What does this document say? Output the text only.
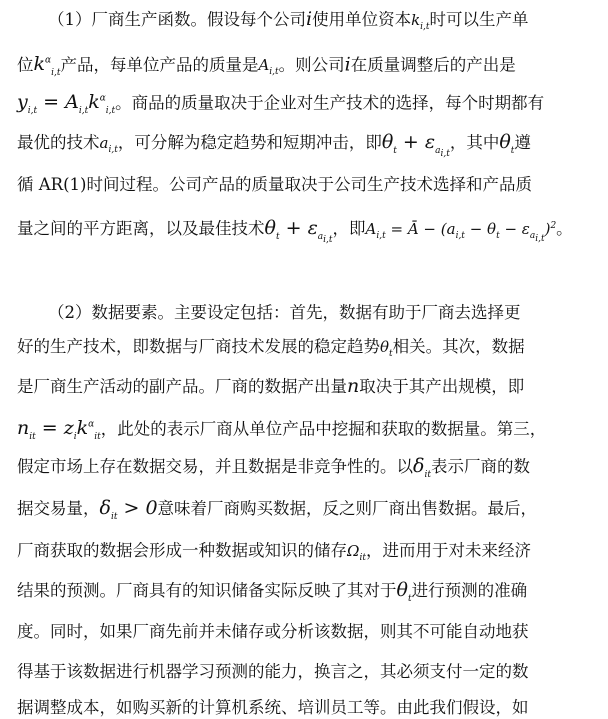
（1）厂商生产函数。假设每个公司i使用单位资本$k_{i,t}$时可以生产单
位$k^\alpha_{i,t}$产品，每单位产品的质量是$A_{i,t}$。则公司i在质量调整后的产出是
$y_{i,t} = A_{i,t}k^\alpha_{i,t}$。商品的质量取决于企业对生产技术的选择，每个时期都有
最优的技术$a_{i,t}$，可分解为稳定趋势和短期冲击，即$\theta_t + \varepsilon_{a_{i,t}}$，其中$\theta_t$遵
循 AR(1)时间过程。公司产品的质量取决于公司生产技术选择和产品质
量之间的平方距离，以及最佳技术$\theta_t + \varepsilon_{a_{i,t}}$，即$A_{i,t}$ = Ā − $(a_{i,t} - \theta_t - \varepsilon_{a_{i,t}})^2$。
（2）数据要素。主要设定包括：首先，数据有助于厂商去选择更
好的生产技术，即数据与厂商技术发展的稳定趋势$\theta_t$相关。其次，数据
是厂商生产活动的副产品。厂商的数据产出量n取决于其产出规模，即
$n_{it} = z_ik^\alpha_{it}$，此处的表示厂商从单位产品中挖掘和获取的数据量。第三，
假定市场上存在数据交易，并且数据是非竞争性的。以$\delta_{it}$表示厂商的数
据交易量，$\delta_{it} > 0$意味着厂商购买数据，反之则厂商出售数据。最后，
厂商获取的数据会形成一种数据或知识的储存$\Omega_{it}$，进而用于对未来经济
结果的预测。厂商具有的知识储备实际反映了其对于$\theta_t$进行预测的准确
度。同时，如果厂商先前并未储存或分析该数据，则其不可能自动地获
得基于该数据进行机器学习预测的能力，换言之，其必须支付一定的数
据调整成本，如购买新的计算机系统、培训员工等。由此我们假设，如
